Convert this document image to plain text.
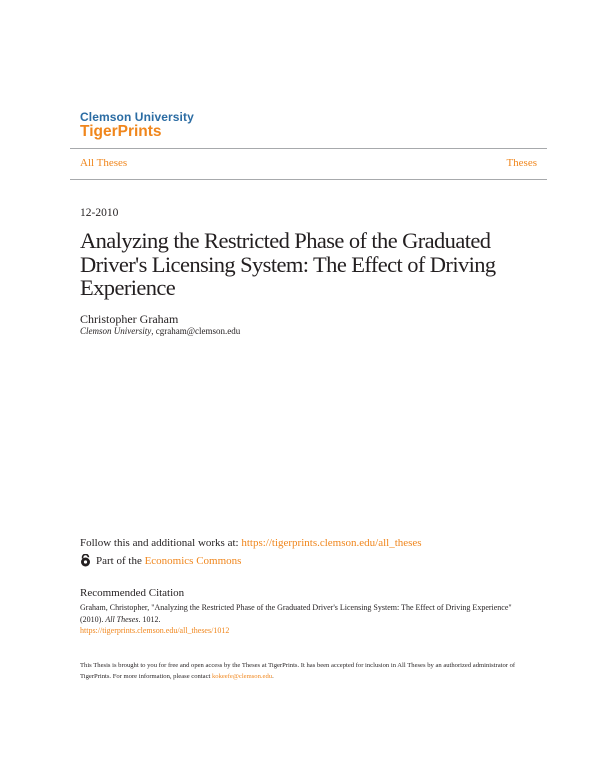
Clemson University
TigerPrints
All Theses	Theses
12-2010
Analyzing the Restricted Phase of the Graduated Driver's Licensing System: The Effect of Driving Experience
Christopher Graham
Clemson University, cgraham@clemson.edu
Follow this and additional works at: https://tigerprints.clemson.edu/all_theses
Part of the Economics Commons
Recommended Citation
Graham, Christopher, "Analyzing the Restricted Phase of the Graduated Driver's Licensing System: The Effect of Driving Experience" (2010). All Theses. 1012.
https://tigerprints.clemson.edu/all_theses/1012
This Thesis is brought to you for free and open access by the Theses at TigerPrints. It has been accepted for inclusion in All Theses by an authorized administrator of TigerPrints. For more information, please contact kokeefe@clemson.edu.
